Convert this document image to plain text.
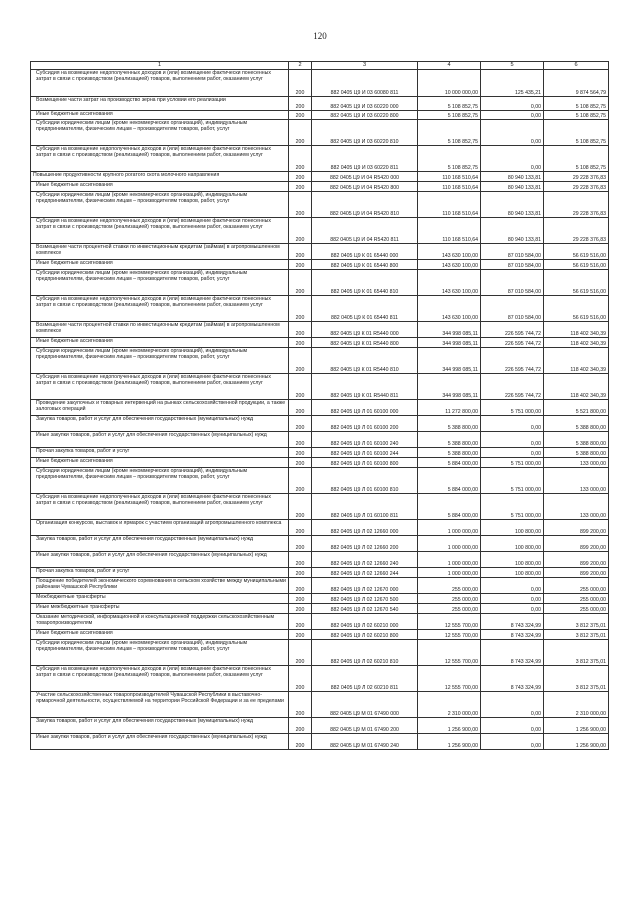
120
1	2	3	4	5	6
Субсидия на возмещение недополученных доходов и (или) возмещение фактически понесенных затрат в связи с производством (реализацией) товаров, выполнением работ, оказанием услуг	200	882 0405 Ц9 И 03 60080 811	10 000 000,00	125 435,21	9 874 564,79
Возмещение части затрат на производство зерна при условии его реализации	200	882 0405 Ц9 И 03 60220 000	5 108 852,75	0,00	5 108 852,75
Иные бюджетные ассигнования	200	882 0405 Ц9 И 03 60220 800	5 108 852,75	0,00	5 108 852,75
Субсидии юридическим лицам (кроме некоммерческих организаций), индивидуальным предпринимателям, физическим лицам – производителям товаров, работ, услуг	200	882 0405 Ц9 И 03 60220 810	5 108 852,75	0,00	5 108 852,75
Субсидия на возмещение недополученных доходов и (или) возмещение фактически понесенных затрат в связи с производством (реализацией) товаров, выполнением работ, оказанием услуг	200	882 0405 Ц9 И 03 60220 811	5 108 852,75	0,00	5 108 852,75
Повышение продуктивности крупного рогатого скота молочного направления	200	882 0405 Ц9 И 04 R5420 000	110 168 510,64	80 940 133,81	29 228 376,83
Иные бюджетные ассигнования	200	882 0405 Ц9 И 04 R5420 800	110 168 510,64	80 940 133,81	29 228 376,83
Субсидии юридическим лицам (кроме некоммерческих организаций), индивидуальным предпринимателям, физическим лицам – производителям товаров, работ, услуг	200	882 0405 Ц9 И 04 R5420 810	110 168 510,64	80 940 133,81	29 228 376,83
Субсидия на возмещение недополученных доходов и (или) возмещение фактически понесенных затрат в связи с производством (реализацией) товаров, выполнением работ, оказанием услуг	200	882 0405 Ц9 И 04 R5420 811	110 168 510,64	80 940 133,81	29 228 376,83
Возмещение части процентной ставки по инвестиционным кредитам (займам) в агропромышленном комплексе	200	882 0405 Ц9 К 01 65440 000	143 630 100,00	87 010 584,00	56 619 516,00
Иные бюджетные ассигнования	200	882 0405 Ц9 К 01 65440 800	143 630 100,00	87 010 584,00	56 619 516,00
Субсидии юридическим лицам (кроме некоммерческих организаций), индивидуальным предпринимателям, физическим лицам – производителям товаров, работ, услуг	200	882 0405 Ц9 К 01 65440 810	143 630 100,00	87 010 584,00	56 619 516,00
Субсидия на возмещение недополученных доходов и (или) возмещение фактически понесенных затрат в связи с производством (реализацией) товаров, выполнением работ, оказанием услуг	200	882 0405 Ц9 К 01 65440 811	143 630 100,00	87 010 584,00	56 619 516,00
Возмещение части процентной ставки по инвестиционным кредитам (займам) в агропромышленном комплексе	200	882 0405 Ц9 К 01 R5440 000	344 998 085,11	226 595 744,72	118 402 340,39
Иные бюджетные ассигнования	200	882 0405 Ц9 К 01 R5440 800	344 998 085,11	226 595 744,72	118 402 340,39
Субсидии юридическим лицам (кроме некоммерческих организаций), индивидуальным предпринимателям, физическим лицам – производителям товаров, работ, услуг	200	882 0405 Ц9 К 01 R5440 810	344 998 085,11	226 595 744,72	118 402 340,39
Субсидия на возмещение недополученных доходов и (или) возмещение фактически понесенных затрат в связи с производством (реализацией) товаров, выполнением работ, оказанием услуг	200	882 0405 Ц9 К 01 R5440 811	344 998 085,11	226 595 744,72	118 402 340,39
Проведение закупочных и товарных интервенций на рынках сельскохозяйственной продукции, а также залоговых операций	200	882 0405 Ц9 Л 01 60100 000	11 272 800,00	5 751 000,00	5 521 800,00
Закупка товаров, работ и услуг для обеспечения государственных (муниципальных) нужд	200	882 0405 Ц9 Л 01 60100 200	5 388 800,00	0,00	5 388 800,00
Иные закупки товаров, работ и услуг для обеспечения государственных (муниципальных) нужд	200	882 0405 Ц9 Л 01 60100 240	5 388 800,00	0,00	5 388 800,00
Прочая закупка товаров, работ и услуг	200	882 0405 Ц9 Л 01 60100 244	5 388 800,00	0,00	5 388 800,00
Иные бюджетные ассигнования	200	882 0405 Ц9 Л 01 60100 800	5 884 000,00	5 751 000,00	133 000,00
Субсидии юридическим лицам (кроме некоммерческих организаций), индивидуальным предпринимателям, физическим лицам – производителям товаров, работ, услуг	200	882 0405 Ц9 Л 01 60100 810	5 884 000,00	5 751 000,00	133 000,00
Субсидия на возмещение недополученных доходов и (или) возмещение фактически понесенных затрат в связи с производством (реализацией) товаров, выполнением работ, оказанием услуг	200	882 0405 Ц9 Л 01 60100 811	5 884 000,00	5 751 000,00	133 000,00
Организация конкурсов, выставок и ярмарок с участием организаций агропромышленного комплекса	200	882 0405 Ц9 Л 02 12660 000	1 000 000,00	100 800,00	899 200,00
Закупка товаров, работ и услуг для обеспечения государственных (муниципальных) нужд	200	882 0405 Ц9 Л 02 12660 200	1 000 000,00	100 800,00	899 200,00
Иные закупки товаров, работ и услуг для обеспечения государственных (муниципальных) нужд	200	882 0405 Ц9 Л 02 12660 240	1 000 000,00	100 800,00	899 200,00
Прочая закупка товаров, работ и услуг	200	882 0405 Ц9 Л 02 12660 244	1 000 000,00	100 800,00	899 200,00
Поощрение победителей экономического соревнования в сельском хозяйстве между муниципальными районами Чувашской Республики	200	882 0405 Ц9 Л 02 12670 000	255 000,00	0,00	255 000,00
Межбюджетные трансферты	200	882 0405 Ц9 Л 02 12670 500	255 000,00	0,00	255 000,00
Иные межбюджетные трансферты	200	882 0405 Ц9 Л 02 12670 540	255 000,00	0,00	255 000,00
Оказание методической, информационной и консультационной поддержки сельскохозяйственным товаропроизводителям	200	882 0405 Ц9 Л 02 60210 000	12 555 700,00	8 743 324,99	3 812 375,01
Иные бюджетные ассигнования	200	882 0405 Ц9 Л 02 60210 800	12 555 700,00	8 743 324,99	3 812 375,01
Субсидии юридическим лицам (кроме некоммерческих организаций), индивидуальным предпринимателям, физическим лицам – производителям товаров, работ, услуг	200	882 0405 Ц9 Л 02 60210 810	12 555 700,00	8 743 324,99	3 812 375,01
Субсидия на возмещение недополученных доходов и (или) возмещение фактически понесенных затрат в связи с производством (реализацией) товаров, выполнением работ, оказанием услуг	200	882 0405 Ц9 Л 02 60210 811	12 555 700,00	8 743 324,99	3 812 375,01
Участие сельскохозяйственных товаропроизводителей Чувашской Республики в выставочно-ярмарочной деятельности, осуществляемой на территории Российской Федерации и за ее пределами	200	882 0405 Ц9 М 01 67490 000	2 310 000,00	0,00	2 310 000,00
Закупка товаров, работ и услуг для обеспечения государственных (муниципальных) нужд	200	882 0405 Ц9 М 01 67490 200	1 256 900,00	0,00	1 256 900,00
Иные закупки товаров, работ и услуг для обеспечения государственных (муниципальных) нужд	200	882 0405 Ц9 М 01 67490 240	1 256 900,00	0,00	1 256 900,00
